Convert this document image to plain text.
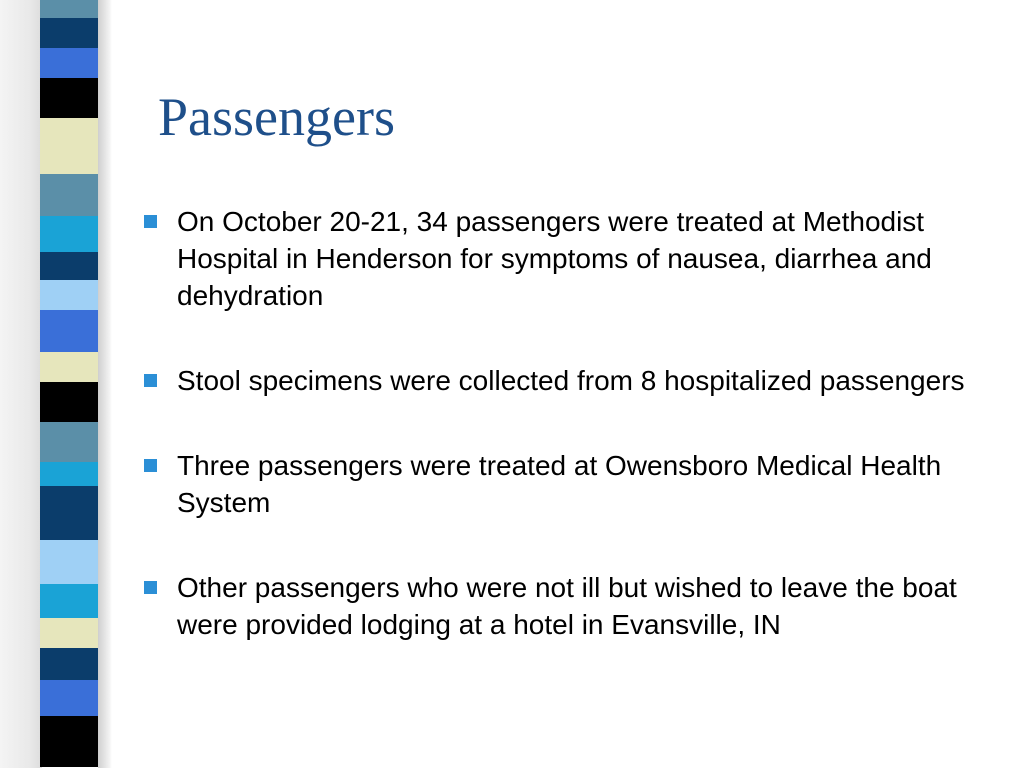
Passengers
On October 20-21, 34 passengers were treated at Methodist Hospital in Henderson for symptoms of nausea, diarrhea and dehydration
Stool specimens were collected from 8 hospitalized passengers
Three passengers were treated at Owensboro Medical Health System
Other passengers who were not ill but wished to leave the boat were provided lodging at a hotel in Evansville, IN
